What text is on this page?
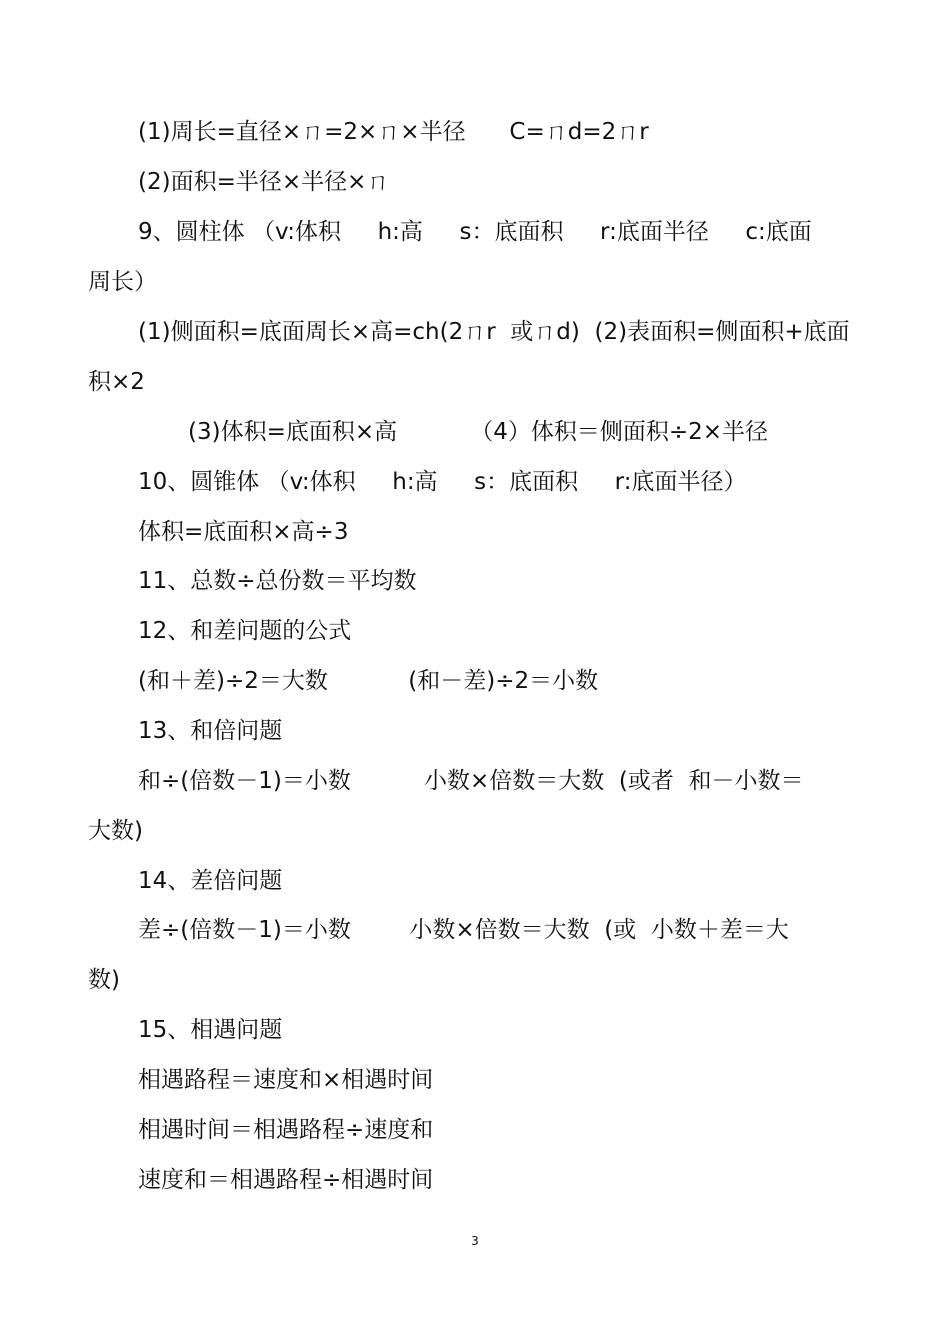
(1)周长=直径×ㄇ=2×ㄇ×半径      C=ㄇd=2ㄇr
(2)面积=半径×半径×ㄇ
9、圆柱体 （v:体积     h:高     s：底面积     r:底面半径     c:底面
周长）
(1)侧面积=底面周长×高=ch(2ㄇr  或ㄇd)  (2)表面积=侧面积+底面
积×2
(3)体积=底面积×高          （4）体积＝侧面积÷2×半径
10、圆锥体 （v:体积     h:高     s：底面积     r:底面半径）
体积=底面积×高÷3
11、总数÷总份数＝平均数
12、和差问题的公式
(和＋差)÷2＝大数           (和－差)÷2＝小数
13、和倍问题
和÷(倍数－1)＝小数          小数×倍数＝大数  (或者  和－小数＝
大数)
14、差倍问题
差÷(倍数－1)＝小数        小数×倍数＝大数  (或  小数＋差＝大
数)
15、相遇问题
相遇路程＝速度和×相遇时间
相遇时间＝相遇路程÷速度和
速度和＝相遇路程÷相遇时间
3
